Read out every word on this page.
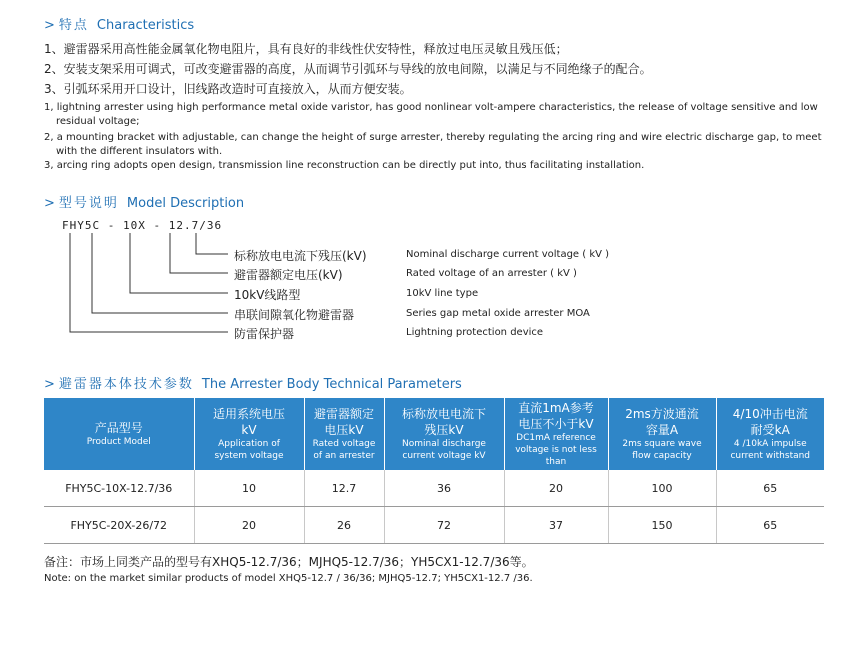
> 特点 Characteristics
1、避雷器采用高性能金属氧化物电阻片，具有良好的非线性伏安特性，释放过电压灵敏且残压低；
2、安装支架采用可调式，可改变避雷器的高度，从而调节引弧环与导线的放电间隙，以满足与不同绝缘子的配合。
3、引弧环采用开口设计，旧线路改造时可直接放入，从而方便安装。
1, lightning arrester using high performance metal oxide varistor, has good nonlinear volt-ampere characteristics, the release of voltage sensitive and low
residual voltage;
2, a mounting bracket with adjustable, can change the height of surge arrester, thereby regulating the arcing ring and wire electric discharge gap, to meet
with the different insulators with.
3, arcing ring adopts open design, transmission line reconstruction can be directly put into, thus facilitating installation.
> 型号说明 Model Description
FHY5C - 10X - 12.7/36
标称放电电流下残压(kV)
避雷器额定电压(kV)
10kV线路型
串联间隙氧化物避雷器
防雷保护器
Nominal discharge current voltage ( kV )
Rated voltage of an arrester ( kV )
10kV line type
Series gap metal oxide arrester MOA
Lightning protection device
> 避雷器本体技术参数 The Arrester Body Technical Parameters
产品型号
Product Model	适用系统电压
kV
Application of
system voltage	避雷器额定
电压kV
Rated voltage
of an arrester	标称放电电流下
残压kV
Nominal discharge
current voltage kV	直流1mA参考
电压不小于kV
DC1mA reference
voltage is not less than	2ms方波通流
容量A
2ms square wave
flow capacity	4/10冲击电流
耐受kA
4 /10kA impulse
current withstand

FHY5C-10X-12.7/36	10	12.7	36	20	100	65
FHY5C-20X-26/72	20	26	72	37	150	65
备注：市场上同类产品的型号有XHQ5-12.7/36；MJHQ5-12.7/36；YH5CX1-12.7/36等。
Note: on the market similar products of model XHQ5-12.7 / 36/36; MJHQ5-12.7; YH5CX1-12.7 /36.
